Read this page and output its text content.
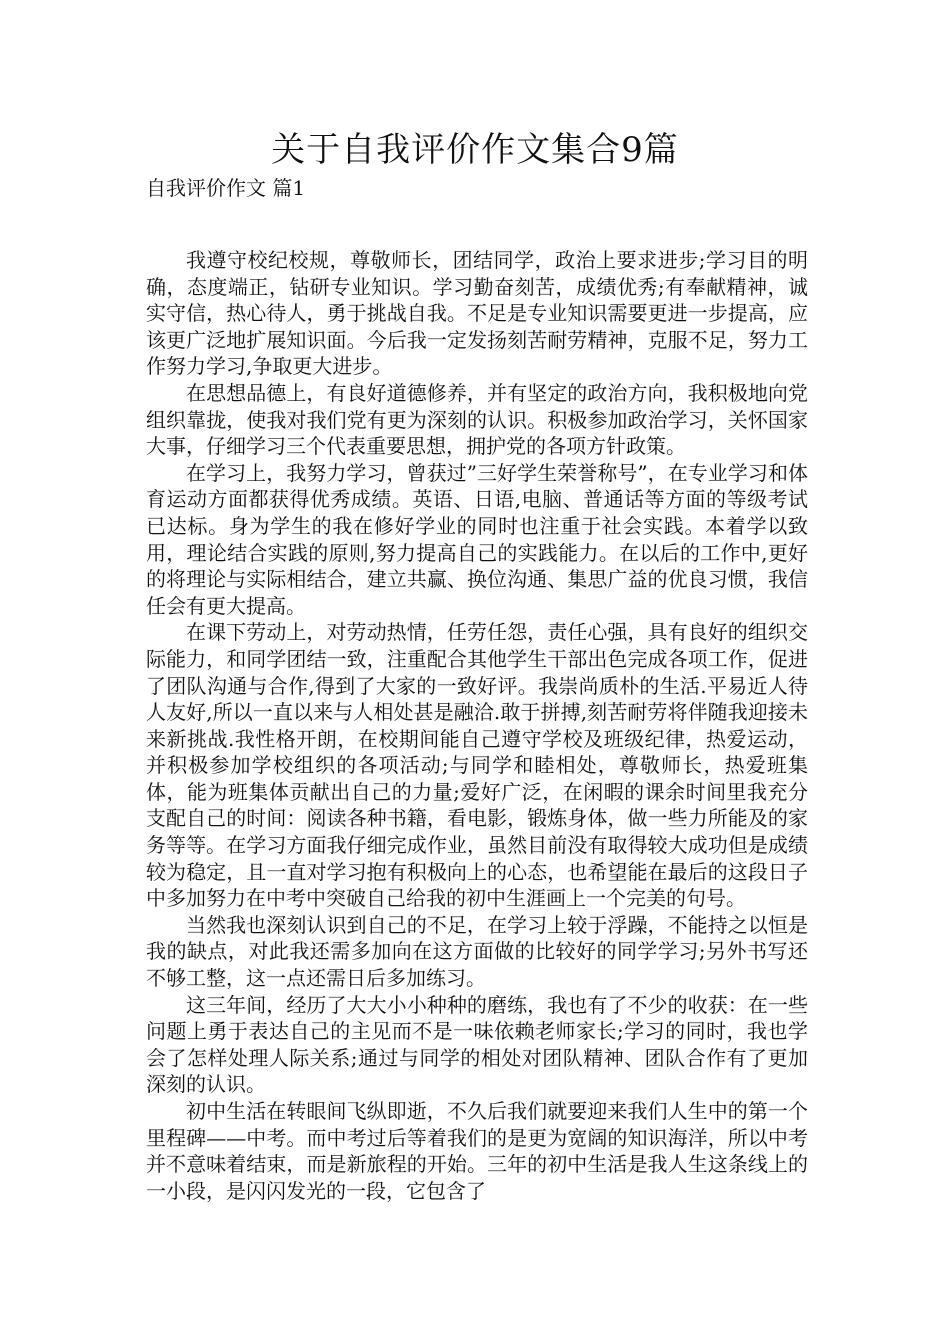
关于自我评价作文集合9篇
自我评价作文 篇1

我遵守校纪校规，尊敬师长，团结同学，政治上要求进步;学习目的明确，态度端正，钻研专业知识。学习勤奋刻苦，成绩优秀;有奉献精神，诚实守信，热心待人，勇于挑战自我。不足是专业知识需要更进一步提高，应该更广泛地扩展知识面。今后我一定发扬刻苦耐劳精神，克服不足，努力工作努力学习,争取更大进步。

在思想品德上，有良好道德修养，并有坚定的政治方向，我积极地向党组织靠拢，使我对我们党有更为深刻的认识。积极参加政治学习，关怀国家大事，仔细学习三个代表重要思想，拥护党的各项方针政策。

在学习上，我努力学习，曾获过”三好学生荣誉称号”，在专业学习和体育运动方面都获得优秀成绩。英语、日语,电脑、普通话等方面的等级考试已达标。身为学生的我在修好学业的同时也注重于社会实践。本着学以致用，理论结合实践的原则,努力提高自己的实践能力。在以后的工作中,更好的将理论与实际相结合，建立共赢、换位沟通、集思广益的优良习惯，我信任会有更大提高。

在课下劳动上，对劳动热情，任劳任怨，责任心强，具有良好的组织交际能力，和同学团结一致，注重配合其他学生干部出色完成各项工作，促进了团队沟通与合作,得到了大家的一致好评。我崇尚质朴的生活.平易近人待人友好,所以一直以来与人相处甚是融洽.敢于拼搏,刻苦耐劳将伴随我迎接未来新挑战.我性格开朗，在校期间能自己遵守学校及班级纪律，热爱运动，并积极参加学校组织的各项活动;与同学和睦相处，尊敬师长，热爱班集体，能为班集体贡献出自己的力量;爱好广泛，在闲暇的课余时间里我充分支配自己的时间：阅读各种书籍，看电影，锻炼身体，做一些力所能及的家务等等。在学习方面我仔细完成作业，虽然目前没有取得较大成功但是成绩较为稳定，且一直对学习抱有积极向上的心态，也希望能在最后的这段日子中多加努力在中考中突破自己给我的初中生涯画上一个完美的句号。

当然我也深刻认识到自己的不足，在学习上较于浮躁，不能持之以恒是我的缺点，对此我还需多加向在这方面做的比较好的同学学习;另外书写还不够工整，这一点还需日后多加练习。

这三年间，经历了大大小小种种的磨练，我也有了不少的收获：在一些问题上勇于表达自己的主见而不是一味依赖老师家长;学习的同时，我也学会了怎样处理人际关系;通过与同学的相处对团队精神、团队合作有了更加深刻的认识。

初中生活在转眼间飞纵即逝，不久后我们就要迎来我们人生中的第一个里程碑——中考。而中考过后等着我们的是更为宽阔的知识海洋，所以中考并不意味着结束，而是新旅程的开始。三年的初中生活是我人生这条线上的一小段，是闪闪发光的一段，它包含了
